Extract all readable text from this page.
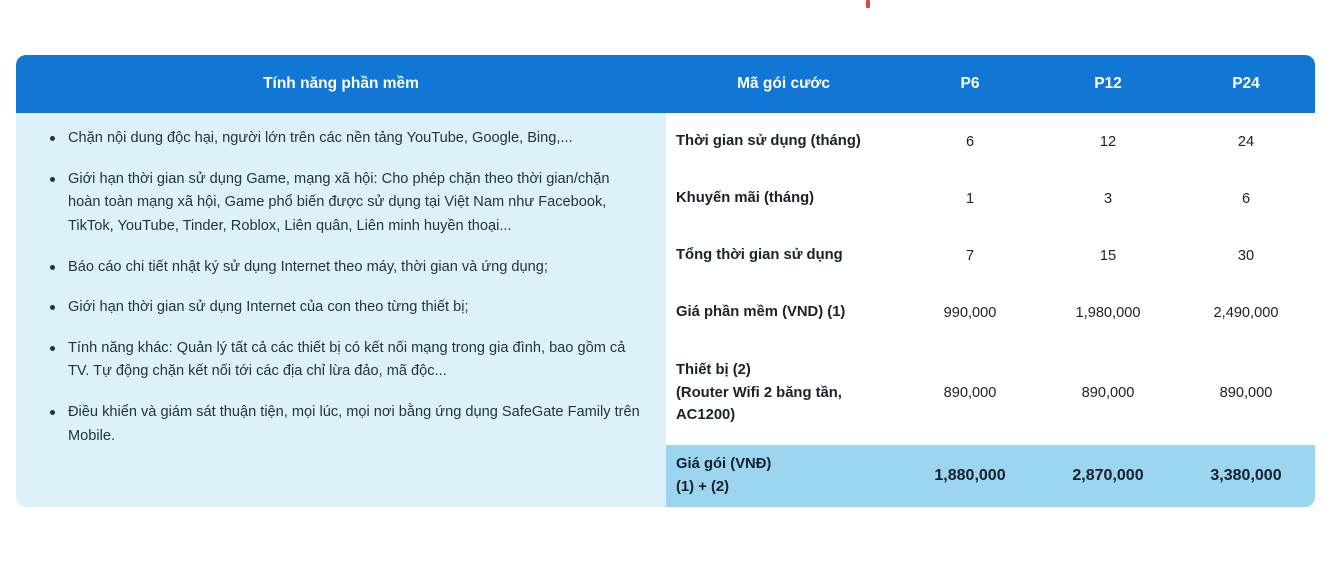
Tính năng phần mềm	Mã gói cước	P6	P12	P24
Chặn nội dung độc hại, người lớn trên các nền tảng YouTube, Google, Bing,...
Giới hạn thời gian sử dụng Game, mạng xã hội: Cho phép chặn theo thời gian/chặn hoàn toàn mạng xã hội, Game phổ biến được sử dụng tại Việt Nam như Facebook, TikTok, YouTube, Tinder, Roblox, Liên quân, Liên minh huyền thoại...
Báo cáo chi tiết nhật ký sử dụng Internet theo máy, thời gian và ứng dụng;
Giới hạn thời gian sử dụng Internet của con theo từng thiết bị;
Tính năng khác: Quản lý tất cả các thiết bị có kết nối mạng trong gia đình, bao gồm cả TV. Tự động chặn kết nối tới các địa chỉ lừa đảo, mã độc...
Điều khiển và giám sát thuận tiện, mọi lúc, mọi nơi bằng ứng dụng SafeGate Family trên Mobile.
Thời gian sử dụng (tháng)	6	12	24
Khuyến mãi (tháng)	1	3	6
Tổng thời gian sử dụng	7	15	30
Giá phần mềm (VND) (1)	990,000	1,980,000	2,490,000
Thiết bị (2)
(Router Wifi 2 băng tần,
AC1200)
890,000	890,000	890,000
Giá gói (VNĐ)
(1) + (2)
1,880,000	2,870,000	3,380,000
